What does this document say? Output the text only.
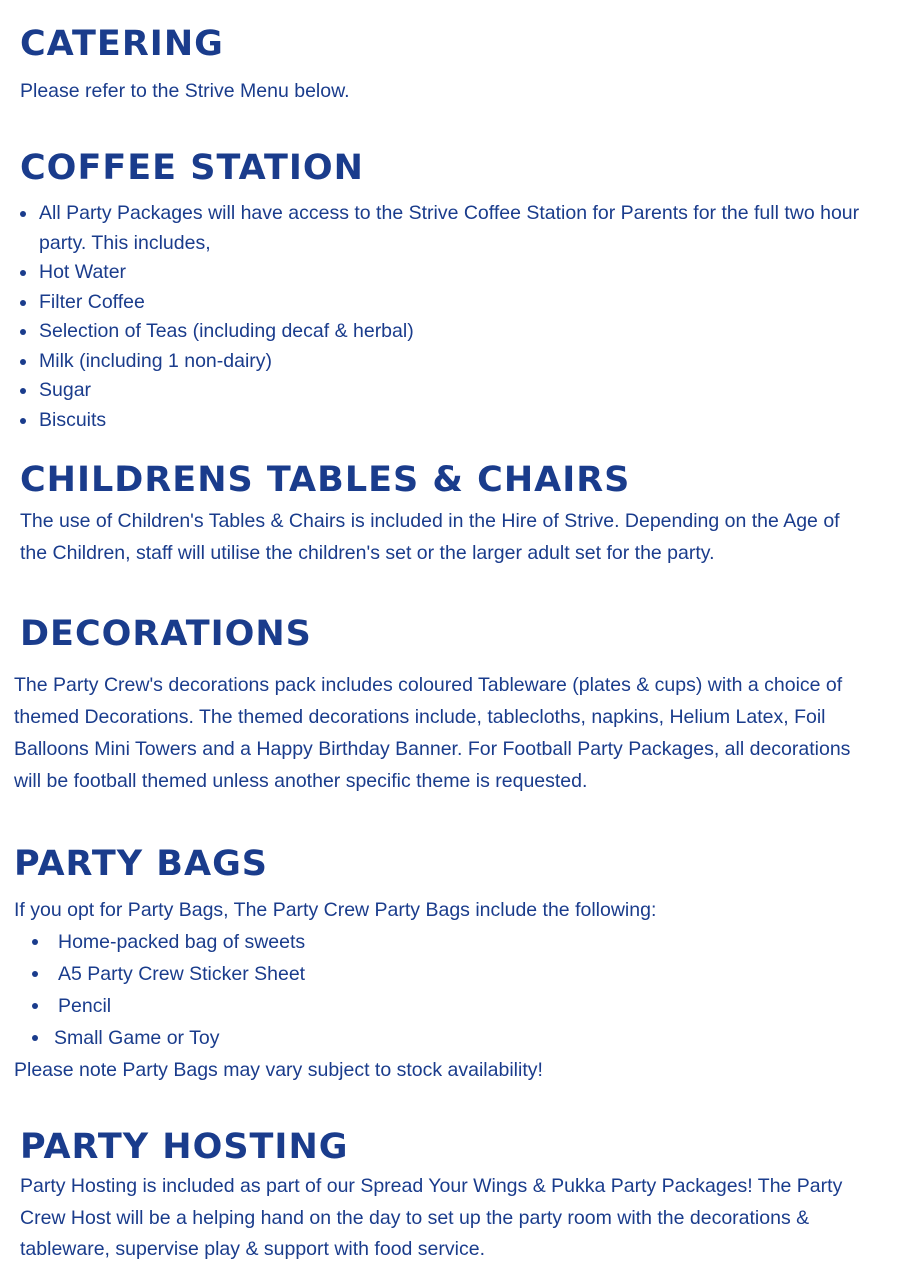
CATERING

Please refer to the Strive Menu below.

COFFEE STATION
All Party Packages will have access to the Strive Coffee Station for Parents for the full two hour party. This includes,
Hot Water
Filter Coffee
Selection of Teas (including decaf & herbal)
Milk (including 1 non-dairy)
Sugar
Biscuits
CHILDRENS TABLES & CHAIRS

The use of Children's Tables & Chairs is included in the Hire of Strive. Depending on the Age of the Children, staff will utilise the children's set or the larger adult set for the party.

DECORATIONS

The Party Crew's decorations pack includes coloured Tableware (plates & cups) with a choice of themed Decorations. The themed decorations include, tablecloths, napkins, Helium Latex, Foil Balloons Mini Towers and a Happy Birthday Banner. For Football Party Packages, all decorations will be football themed unless another specific theme is requested.

PARTY BAGS

If you opt for Party Bags, The Party Crew Party Bags include the following:

Home-packed bag of sweets
A5 Party Crew Sticker Sheet
Pencil
Small Game or Toy

Please note Party Bags may vary subject to stock availability!

PARTY HOSTING

Party Hosting is included as part of our Spread Your Wings & Pukka Party Packages! The Party Crew Host will be a helping hand on the day to set up the party room with the decorations & tableware, supervise play & support with food service.
